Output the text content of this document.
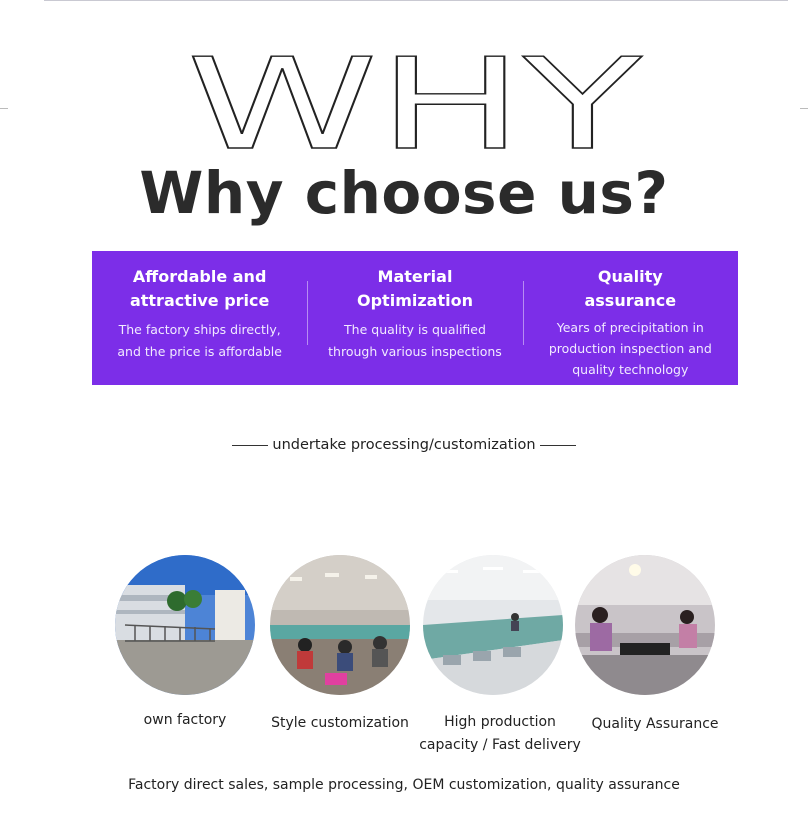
WHY
Why choose us?
Affordable and
attractive price
The factory ships directly,
and the price is affordable
Material
Optimization
The quality is qualified
through various inspections
Quality
assurance
Years of precipitation in
production inspection and
quality technology
undertake processing/customization
own factory	Style customization	High production
capacity / Fast delivery
Quality Assurance
Factory direct sales, sample processing, OEM customization, quality assurance
